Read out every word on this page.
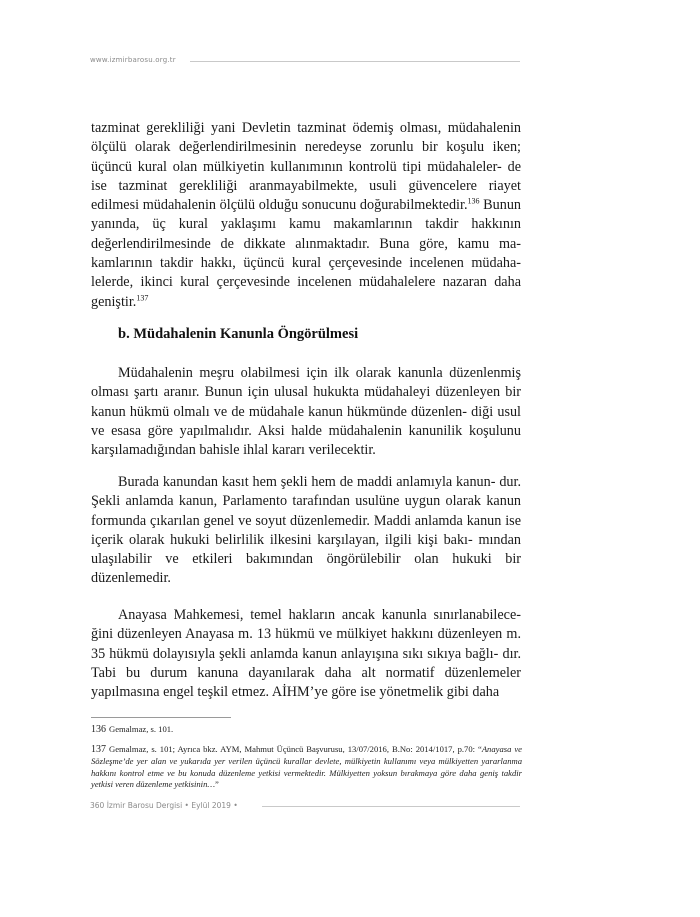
www.izmirbarosu.org.tr

tazminat gerekliliği yani Devletin tazminat ödemiş olması, müdahalenin ölçülü olarak değerlendirilmesinin neredeyse zorunlu bir koşulu iken; üçüncü kural olan mülkiyetin kullanımının kontrolü tipi müdahaleler- de ise tazminat gerekliliği aranmayabilmekte, usuli güvencelere riayet edilmesi müdahalenin ölçülü olduğu sonucunu doğurabilmektedir.$^{136}$ Bunun yanında, üç kural yaklaşımı kamu makamlarının takdir hakkının değerlendirilmesinde de dikkate alınmaktadır. Buna göre, kamu ma- kamlarının takdir hakkı, üçüncü kural çerçevesinde incelenen müdaha- lelerde, ikinci kural çerçevesinde incelenen müdahalelere nazaran daha geniştir.$^{137}$

b. Müdahalenin Kanunla Öngörülmesi

Müdahalenin meşru olabilmesi için ilk olarak kanunla düzenlenmiş olması şartı aranır. Bunun için ulusal hukukta müdahaleyi düzenleyen bir kanun hükmü olmalı ve de müdahale kanun hükmünde düzenlen- diği usul ve esasa göre yapılmalıdır. Aksi halde müdahalenin kanunilik koşulunu karşılamadığından bahisle ihlal kararı verilecektir.

Burada kanundan kasıt hem şekli hem de maddi anlamıyla kanun- dur. Şekli anlamda kanun, Parlamento tarafından usulüne uygun olarak kanun formunda çıkarılan genel ve soyut düzenlemedir. Maddi anlamda kanun ise içerik olarak hukuki belirlilik ilkesini karşılayan, ilgili kişi bakı- mından ulaşılabilir ve etkileri bakımından öngörülebilir olan hukuki bir düzenlemedir.

Anayasa Mahkemesi, temel hakların ancak kanunla sınırlanabilece- ğini düzenleyen Anayasa m. 13 hükmü ve mülkiyet hakkını düzenleyen m. 35 hükmü dolayısıyla şekli anlamda kanun anlayışına sıkı sıkıya bağlı- dır. Tabi bu durum kanuna dayanılarak daha alt normatif düzenlemeler yapılmasına engel teşkil etmez. AİHM’ye göre ise yönetmelik gibi daha

136 Gemalmaz, s. 101.
137 Gemalmaz, s. 101; Ayrıca bkz. AYM, Mahmut Üçüncü Başvurusu, 13/07/2016, B.No: 2014/1017, p.70: “Anayasa ve Sözleşme’de yer alan ve yukarıda yer verilen üçüncü kurallar devlete, mülkiyetin kullanımı veya mülkiyetten yararlanma hakkını kontrol etme ve bu konuda düzenleme yetkisi vermektedir. Mülkiyetten yoksun bırakmaya göre daha geniş takdir yetkisi veren düzenleme yetkisinin…”
360 İzmir Barosu Dergisi • Eylül 2019 •
